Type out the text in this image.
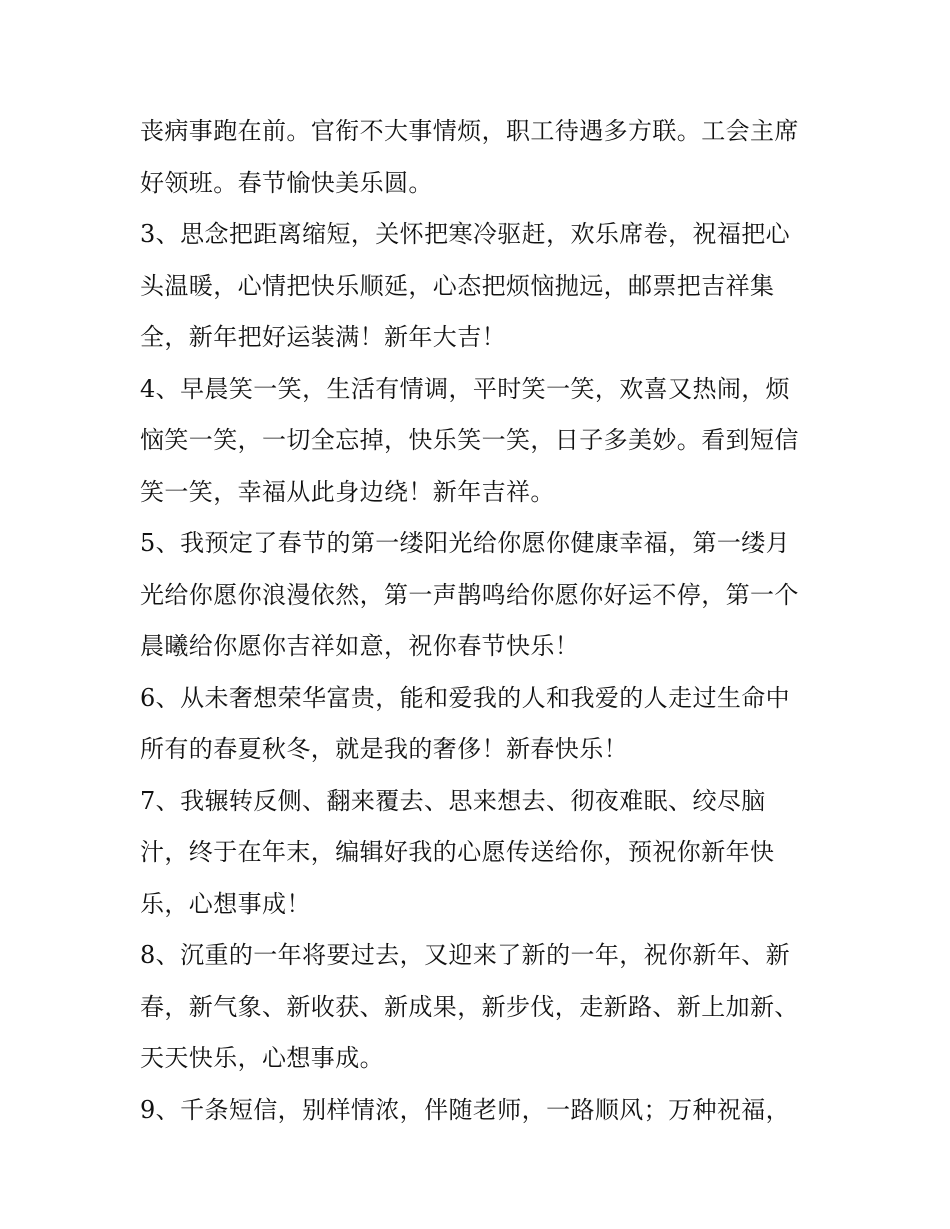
丧病事跑在前。官衔不大事情烦，职工待遇多方联。工会主席
好领班。春节愉快美乐圆。

3、思念把距离缩短，关怀把寒冷驱赶，欢乐席卷，祝福把心
头温暖，心情把快乐顺延，心态把烦恼抛远，邮票把吉祥集
全，新年把好运装满！新年大吉！

4、早晨笑一笑，生活有情调，平时笑一笑，欢喜又热闹，烦
恼笑一笑，一切全忘掉，快乐笑一笑，日子多美妙。看到短信
笑一笑，幸福从此身边绕！新年吉祥。

5、我预定了春节的第一缕阳光给你愿你健康幸福，第一缕月
光给你愿你浪漫依然，第一声鹊鸣给你愿你好运不停，第一个
晨曦给你愿你吉祥如意，祝你春节快乐！

6、从未奢想荣华富贵，能和爱我的人和我爱的人走过生命中
所有的春夏秋冬，就是我的奢侈！新春快乐！

7、我辗转反侧、翻来覆去、思来想去、彻夜难眠、绞尽脑
汁，终于在年末，编辑好我的心愿传送给你，预祝你新年快
乐，心想事成！

8、沉重的一年将要过去，又迎来了新的一年，祝你新年、新
春，新气象、新收获、新成果，新步伐，走新路、新上加新、
天天快乐，心想事成。

9、千条短信，别样情浓，伴随老师，一路顺风；万种祝福，
